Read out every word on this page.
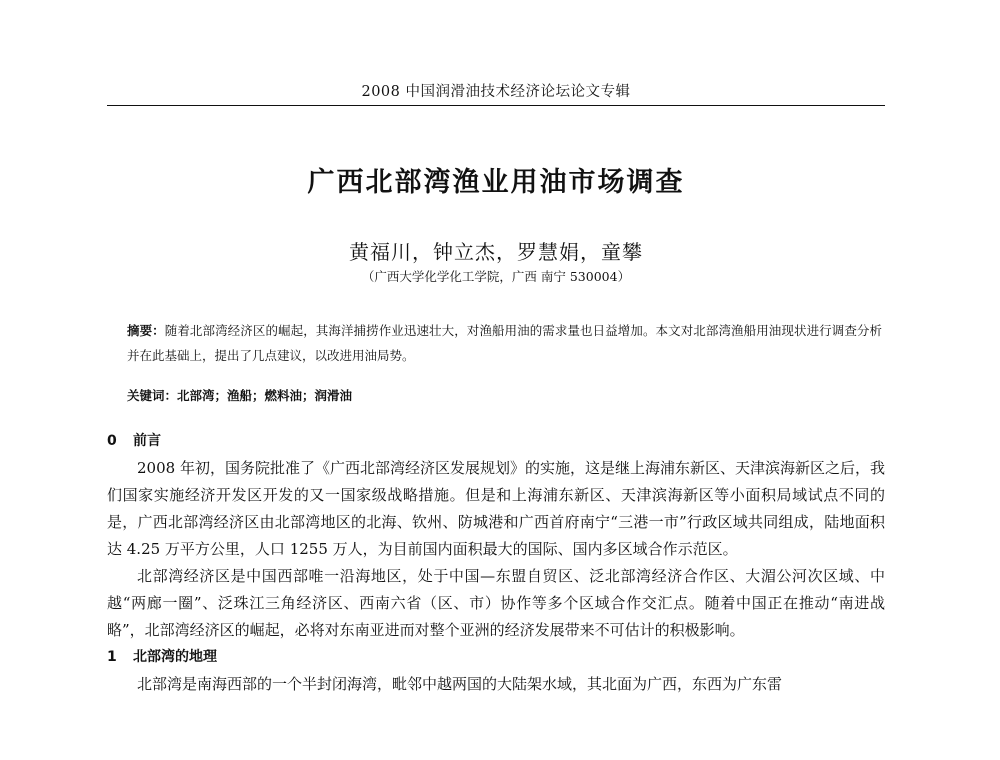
2008 中国润滑油技术经济论坛论文专辑
广西北部湾渔业用油市场调查
黄福川，钟立杰，罗慧娟，童攀
（广西大学化学化工学院，广西 南宁 530004）
摘要：随着北部湾经济区的崛起，其海洋捕捞作业迅速壮大，对渔船用油的需求量也日益增加。本文对北部湾渔船用油现状进行调查分析并在此基础上，提出了几点建议，以改进用油局势。
关键词：北部湾；渔船；燃料油；润滑油

0 前言

2008 年初，国务院批准了《广西北部湾经济区发展规划》的实施，这是继上海浦东新区、天津滨海新区之后，我们国家实施经济开发区开发的又一国家级战略措施。但是和上海浦东新区、天津滨海新区等小面积局域试点不同的是，广西北部湾经济区由北部湾地区的北海、钦州、防城港和广西首府南宁“三港一市”行政区域共同组成，陆地面积达 4.25 万平方公里，人口 1255 万人，为目前国内面积最大的国际、国内多区域合作示范区。

北部湾经济区是中国西部唯一沿海地区，处于中国—东盟自贸区、泛北部湾经济合作区、大湄公河次区域、中越“两廊一圈”、泛珠江三角经济区、西南六省（区、市）协作等多个区域合作交汇点。随着中国正在推动“南进战略”，北部湾经济区的崛起，必将对东南亚进而对整个亚洲的经济发展带来不可估计的积极影响。

1 北部湾的地理

北部湾是南海西部的一个半封闭海湾，毗邻中越两国的大陆架水域，其北面为广西，东西为广东雷
